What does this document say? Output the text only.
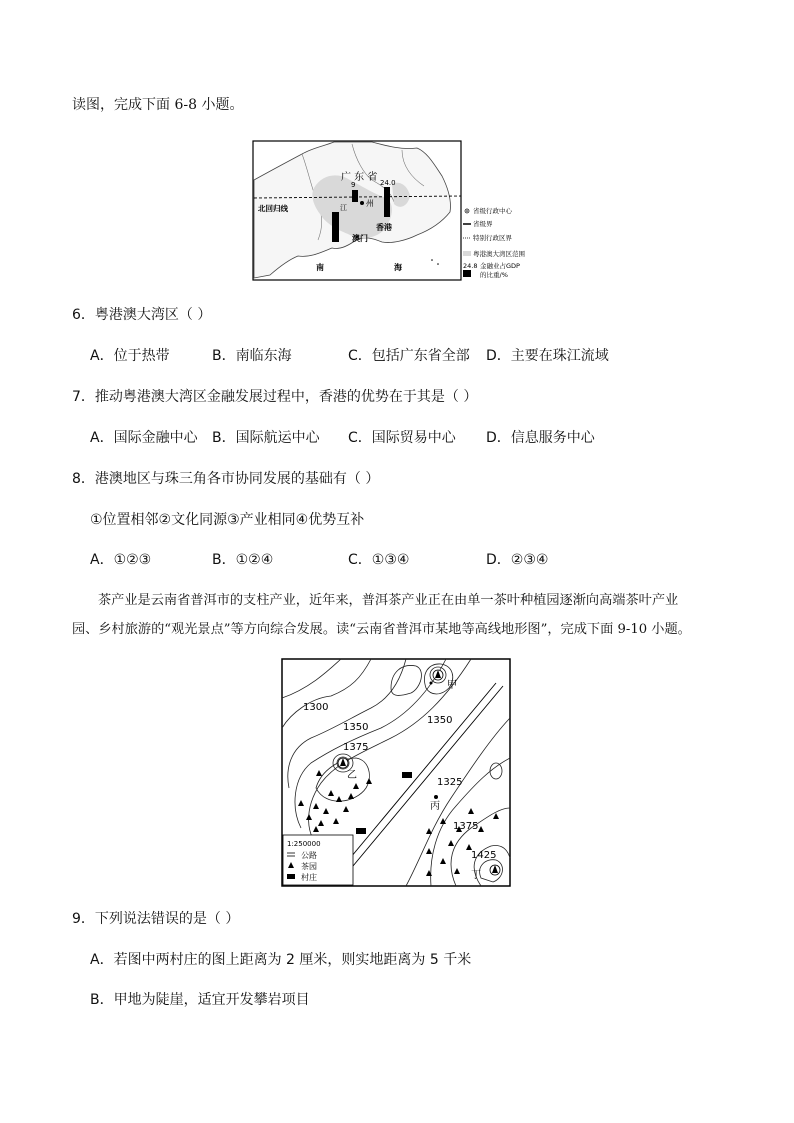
读图，完成下面 6-8 小题。
广 东 省
9	24.0
北回归线	江 州
香港
澳门
南	海
省级行政中心
省级界
特别行政区界
粤港澳大湾区范围
24.8 金融业占GDP
的比重/%
6．粤港澳大湾区（ ）
A．位于热带	B．南临东海	C．包括广东省全部 D．主要在珠江流域
7．推动粤港澳大湾区金融发展过程中，香港的优势在于其是（ ）
A．国际金融中心 B．国际航运中心 C．国际贸易中心 D．信息服务中心
8．港澳地区与珠三角各市协同发展的基础有（ ）
①位置相邻②文化同源③产业相同④优势互补
A．①②③	B．①②④	C．①③④	D．②③④
茶产业是云南省普洱市的支柱产业，近年来，普洱茶产业正在由单一茶叶种植园逐渐向高端茶叶产业
园、乡村旅游的“观光景点”等方向综合发展。读“云南省普洱市某地等高线地形图”，完成下面 9-10 小题。
1300
1350
1350
1375
1325
1375
1425
甲
乙
丙
丁
1:250000
公路
茶园
村庄
9．下列说法错误的是（ ）
A．若图中两村庄的图上距离为 2 厘米，则实地距离为 5 千米
B．甲地为陡崖，适宜开发攀岩项目
